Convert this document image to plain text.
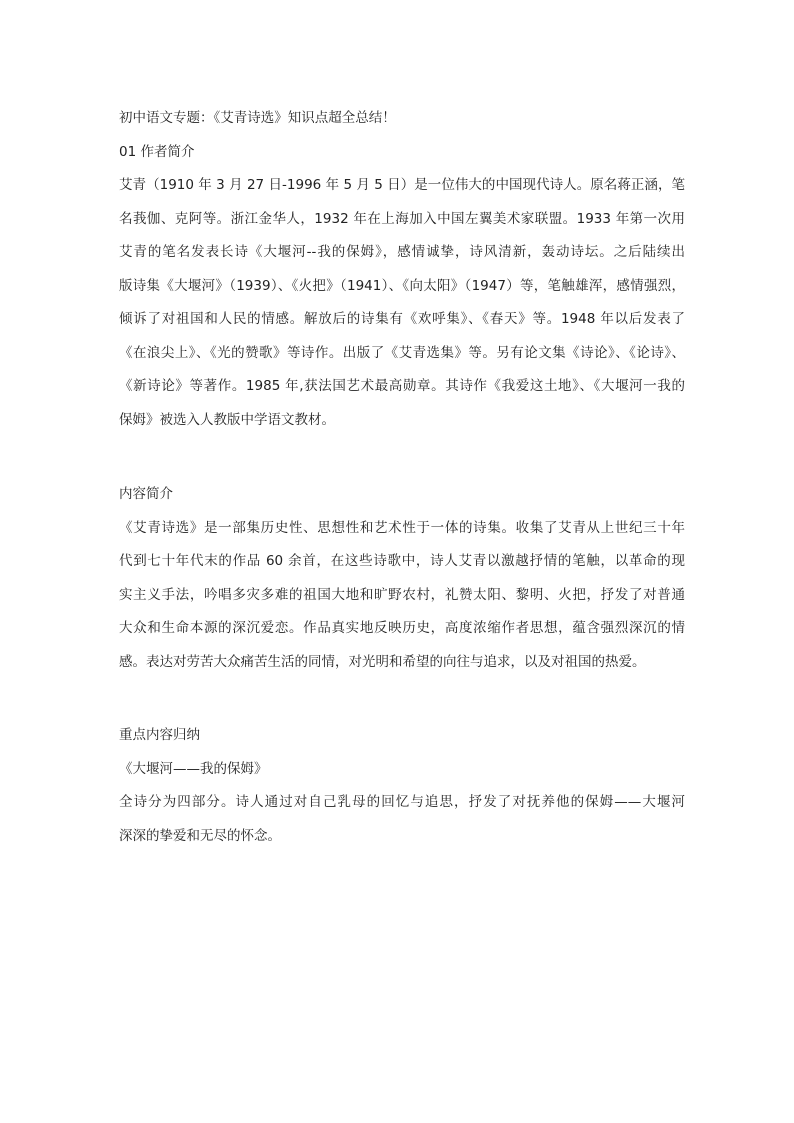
初中语文专题：《艾青诗选》知识点超全总结！
01 作者简介
艾青（1910 年 3 月 27 日-1996 年 5 月 5 日）是一位伟大的中国现代诗人。原名蒋正涵，笔
名莪伽、克阿等。浙江金华人，1932 年在上海加入中国左翼美术家联盟。1933 年第一次用
艾青的笔名发表长诗《大堰河--我的保姆》，感情诚挚，诗风清新，轰动诗坛。之后陆续出
版诗集《大堰河》（1939）、《火把》（1941）、《向太阳》（1947）等，笔触雄浑，感情强烈，
倾诉了对祖国和人民的情感。解放后的诗集有《欢呼集》、《春天》等。1948 年以后发表了
《在浪尖上》、《光的赞歌》等诗作。出版了《艾青选集》等。另有论文集《诗论》、《论诗》、
《新诗论》等著作。1985 年,获法国艺术最高勋章。其诗作《我爱这土地》、《大堰河一我的
保姆》被选入人教版中学语文教材。
内容简介
《艾青诗选》是一部集历史性、思想性和艺术性于一体的诗集。收集了艾青从上世纪三十年
代到七十年代末的作品 60 余首，在这些诗歌中，诗人艾青以激越抒情的笔触，以革命的现
实主义手法，吟唱多灾多难的祖国大地和旷野农村，礼赞太阳、黎明、火把，抒发了对普通
大众和生命本源的深沉爱恋。作品真实地反映历史，高度浓缩作者思想，蕴含强烈深沉的情
感。表达对劳苦大众痛苦生活的同情，对光明和希望的向往与追求，以及对祖国的热爱。
重点内容归纳
《大堰河——我的保姆》
全诗分为四部分。诗人通过对自己乳母的回忆与追思，抒发了对抚养他的保姆——大堰河
深深的挚爱和无尽的怀念。
